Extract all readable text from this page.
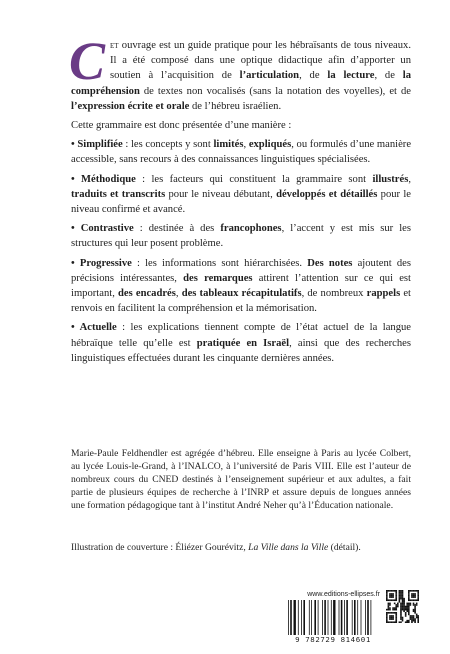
Cet ouvrage est un guide pratique pour les hébraïsants de tous niveaux. Il a été composé dans une optique didactique afin d’apporter un soutien à l’acquisition de l’articulation, de la lecture, de la compréhension de textes non vocalisés (sans la notation des voyelles), et de l’expression écrite et orale de l’hébreu israélien.

Cette grammaire est donc présentée d’une manière :

• Simplifiée : les concepts y sont limités, expliqués, ou formulés d’une manière accessible, sans recours à des connaissances linguistiques spécialisées.

• Méthodique : les facteurs qui constituent la grammaire sont illustrés, traduits et transcrits pour le niveau débutant, développés et détaillés pour le niveau confirmé et avancé.

• Contrastive : destinée à des francophones, l’accent y est mis sur les structures qui leur posent problème.

• Progressive : les informations sont hiérarchisées. Des notes ajoutent des précisions intéressantes, des remarques attirent l’attention sur ce qui est important, des encadrés, des tableaux récapitulatifs, de nombreux rappels et renvois en facilitent la compréhension et la mémorisation.

• Actuelle : les explications tiennent compte de l’état actuel de la langue hébraïque telle qu’elle est pratiquée en Israël, ainsi que des recherches linguistiques effectuées durant les cinquante dernières années.

Marie-Paule Feldhendler est agrégée d’hébreu. Elle enseigne à Paris au lycée Colbert, au lycée Louis-le-Grand, à l’INALCO, à l’université de Paris VIII. Elle est l’auteur de nombreux cours du CNED destinés à l’enseignement supérieur et aux adultes, a fait partie de plusieurs équipes de recherche à l’INRP et assure depuis de longues années une formation pédagogique tant à l’institut André Neher qu’à l’Éducation nationale.

Illustration de couverture : Éliézer Gourévitz, La Ville dans la Ville (détail).

www.editions-ellipses.fr
9 782729 814601
